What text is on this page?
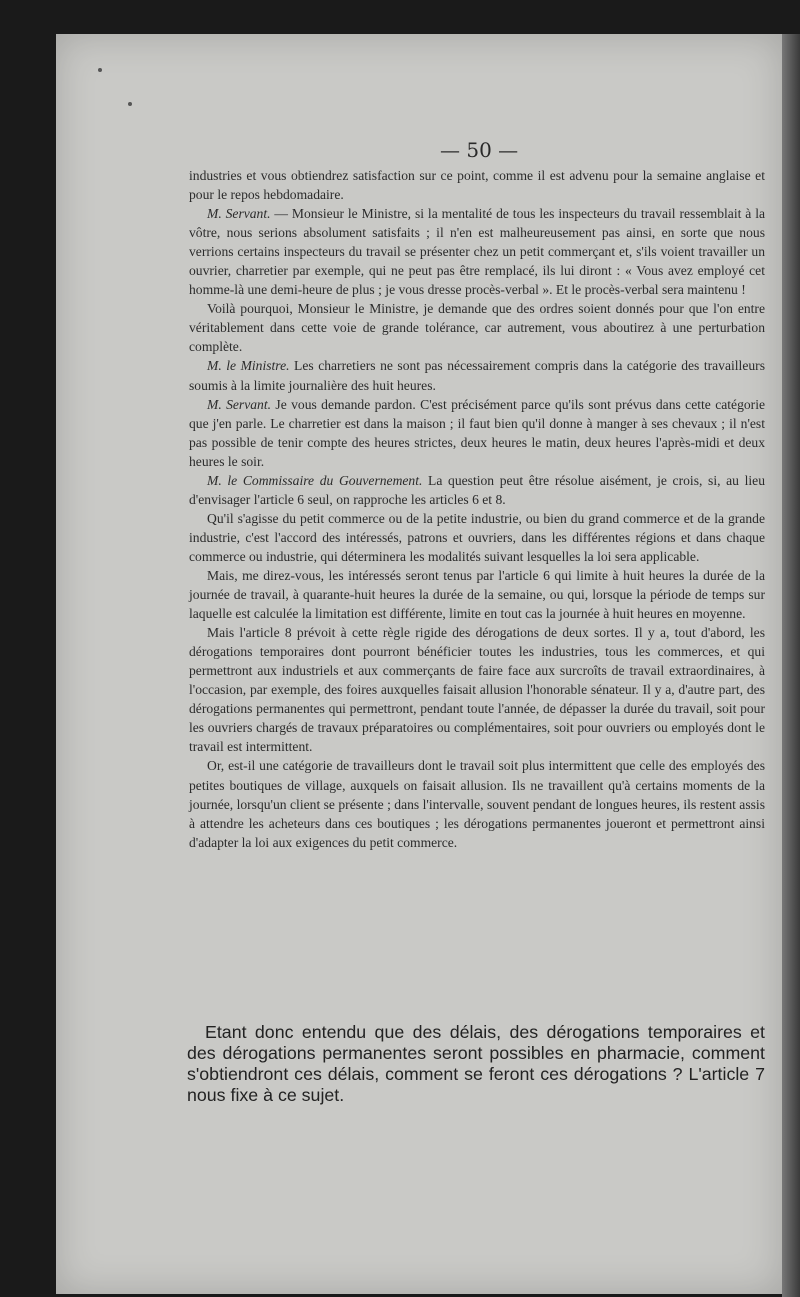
— 50 —

industries et vous obtiendrez satisfaction sur ce point, comme il est advenu pour la semaine anglaise et pour le repos hebdomadaire.

M. Servant. — Monsieur le Ministre, si la mentalité de tous les inspecteurs du travail ressemblait à la vôtre, nous serions absolument satisfaits ; il n'en est malheureusement pas ainsi, en sorte que nous verrions certains inspecteurs du travail se présenter chez un petit commerçant et, s'ils voient travailler un ouvrier, charretier par exemple, qui ne peut pas être remplacé, ils lui diront : « Vous avez employé cet homme-là une demi-heure de plus ; je vous dresse procès-verbal ». Et le procès-verbal sera maintenu !

Voilà pourquoi, Monsieur le Ministre, je demande que des ordres soient donnés pour que l'on entre véritablement dans cette voie de grande tolérance, car autrement, vous aboutirez à une perturbation complète.

M. le Ministre. Les charretiers ne sont pas nécessairement compris dans la catégorie des travailleurs soumis à la limite journalière des huit heures.

M. Servant. Je vous demande pardon. C'est précisément parce qu'ils sont prévus dans cette catégorie que j'en parle. Le charretier est dans la maison ; il faut bien qu'il donne à manger à ses chevaux ; il n'est pas possible de tenir compte des heures strictes, deux heures le matin, deux heures l'après-midi et deux heures le soir.

M. le Commissaire du Gouvernement. La question peut être résolue aisément, je crois, si, au lieu d'envisager l'article 6 seul, on rapproche les articles 6 et 8.

Qu'il s'agisse du petit commerce ou de la petite industrie, ou bien du grand commerce et de la grande industrie, c'est l'accord des intéressés, patrons et ouvriers, dans les différentes régions et dans chaque commerce ou industrie, qui déterminera les modalités suivant lesquelles la loi sera applicable.

Mais, me direz-vous, les intéressés seront tenus par l'article 6 qui limite à huit heures la durée de la journée de travail, à quarante-huit heures la durée de la semaine, ou qui, lorsque la période de temps sur laquelle est calculée la limitation est différente, limite en tout cas la journée à huit heures en moyenne.

Mais l'article 8 prévoit à cette règle rigide des dérogations de deux sortes. Il y a, tout d'abord, les dérogations temporaires dont pourront bénéficier toutes les industries, tous les commerces, et qui permettront aux industriels et aux commerçants de faire face aux surcroîts de travail extraordinaires, à l'occasion, par exemple, des foires auxquelles faisait allusion l'honorable sénateur. Il y a, d'autre part, des dérogations permanentes qui permettront, pendant toute l'année, de dépasser la durée du travail, soit pour les ouvriers chargés de travaux préparatoires ou complémentaires, soit pour ouvriers ou employés dont le travail est intermittent.

Or, est-il une catégorie de travailleurs dont le travail soit plus intermittent que celle des employés des petites boutiques de village, auxquels on faisait allusion. Ils ne travaillent qu'à certains moments de la journée, lorsqu'un client se présente ; dans l'intervalle, souvent pendant de longues heures, ils restent assis à attendre les acheteurs dans ces boutiques ; les dérogations permanentes joueront et permettront ainsi d'adapter la loi aux exigences du petit commerce.

Etant donc entendu que des délais, des dérogations temporaires et des dérogations permanentes seront possibles en pharmacie, comment s'obtiendront ces délais, comment se feront ces dérogations ? L'article 7 nous fixe à ce sujet.
